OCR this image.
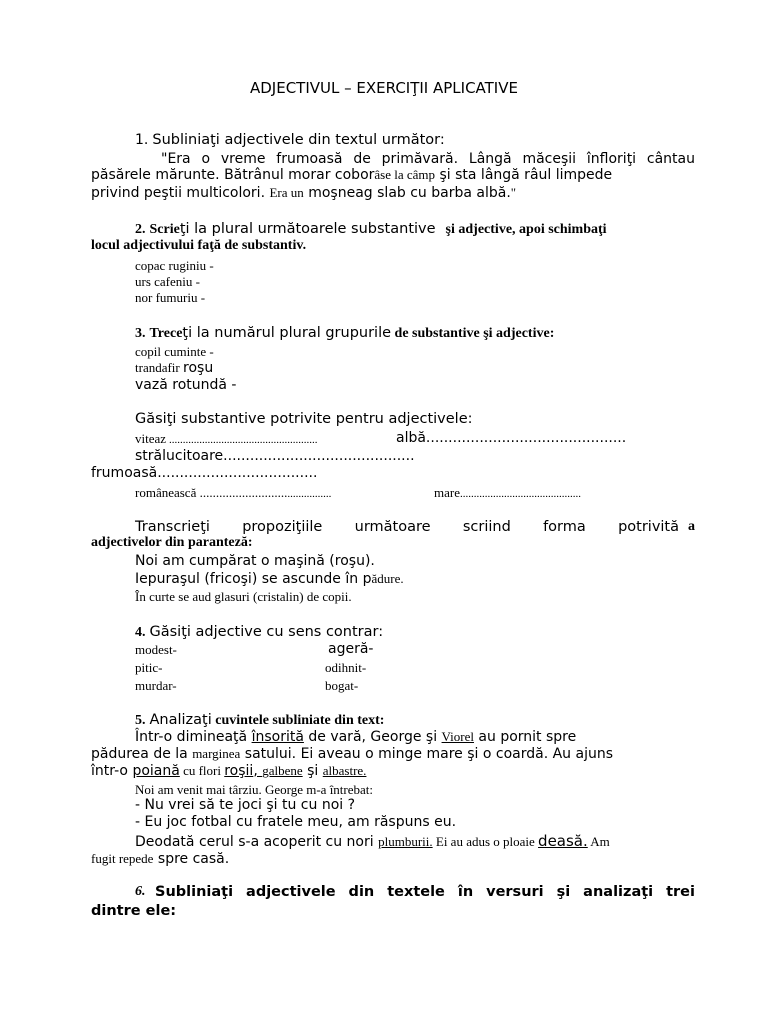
ADJECTIVUL – EXERCIŢII APLICATIVE
1. Subliniaţi adjectivele din textul următor:
"Era o vreme frumoasă de primăvară. Lângă măceşii înfloriţi cântau
păsărele mărunte. Bătrânul morar coborâse la câmp şi sta lângă râul limpede
privind peştii multicolori. Era un moşneag slab cu barba albă."
2. Scrieţi la plural următoarele substantive şi adjective, apoi schimbaţi
locul adjectivului faţă de substantiv.
copac ruginiu -
urs cafeniu -
nor fumuriu -
3. Treceţi la numărul plural grupurile de substantive şi adjective:
copil cuminte -
trandafir roşu
vază rotundă -
Găsiţi substantive potrivite pentru adjectivele:
viteaz ......................................................	albă.............................................
strălucitoare...........................................
frumoasă....................................
românească ...........................................	mare............................................
Transcrieţi propoziţiile următoare scriind forma potrivită a
adjectivelor din paranteză:
Noi am cumpărat o maşină (roşu).
Iepuraşul (fricoşi) se ascunde în pădure.
În curte se aud glasuri (cristalin) de copii.
4. Găsiţi adjective cu sens contrar:
modest-	ageră-
pitic-	odihnit-
murdar-	bogat-
5. Analizaţi cuvintele subliniate din text:
Într-o dimineaţă însorită de vară, George şi Viorel au pornit spre
pădurea de la marginea satului. Ei aveau o minge mare şi o coardă. Au ajuns
într-o poiană cu flori roşii, galbene şi albastre.
Noi am venit mai târziu. George m-a întrebat:
- Nu vrei să te joci şi tu cu noi ?
- Eu joc fotbal cu fratele meu, am răspuns eu.
Deodată cerul s-a acoperit cu nori plumburii. Ei au adus o ploaie deasă. Am
fugit repede spre casă.
6. Subliniaţi adjectivele din textele în versuri şi analizaţi trei
dintre ele:
